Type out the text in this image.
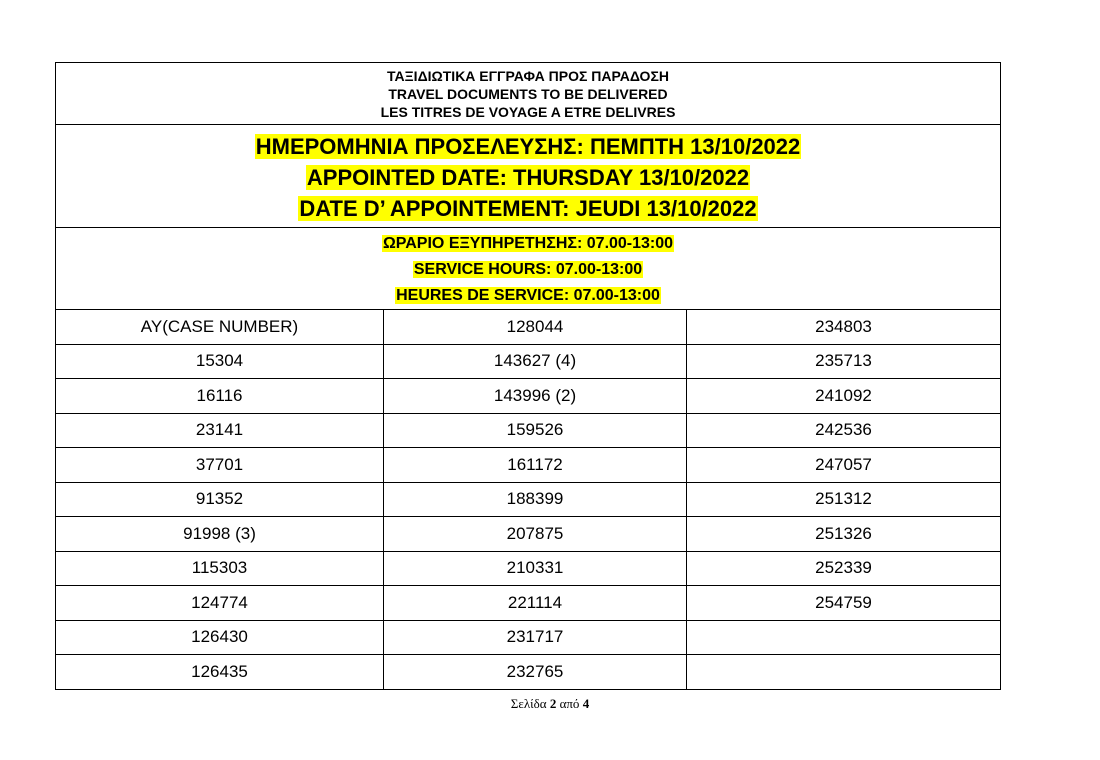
ΤΑΞΙΔΙΩΤΙΚΑ ΕΓΓΡΑΦΑ ΠΡΟΣ ΠΑΡΑΔΟΣΗ
TRAVEL DOCUMENTS TO BE DELIVERED
LES TITRES DE VOYAGE A ETRE DELIVRES		

ΗΜΕΡΟΜΗΝΙΑ ΠΡΟΣΕΛΕΥΣΗΣ: ΠΕΜΠΤΗ 13/10/2022
APPOINTED DATE: THURSDAY 13/10/2022
DATE D’ APPOINTEMENT: JEUDI 13/10/2022		

ΩΡΑΡΙΟ ΕΞΥΠΗΡΕΤΗΣΗΣ: 07.00-13:00
SERVICE HOURS: 07.00-13:00
HEURES DE SERVICE: 07.00-13:00		

AY(CASE NUMBER)	128044	234803
15304	143627 (4)	235713
16116	143996 (2)	241092
23141	159526	242536
37701	161172	247057
91352	188399	251312
91998 (3)	207875	251326
115303	210331	252339
124774	221114	254759
126430	231717	
126435	232765	
Σελίδα 2 από 4
